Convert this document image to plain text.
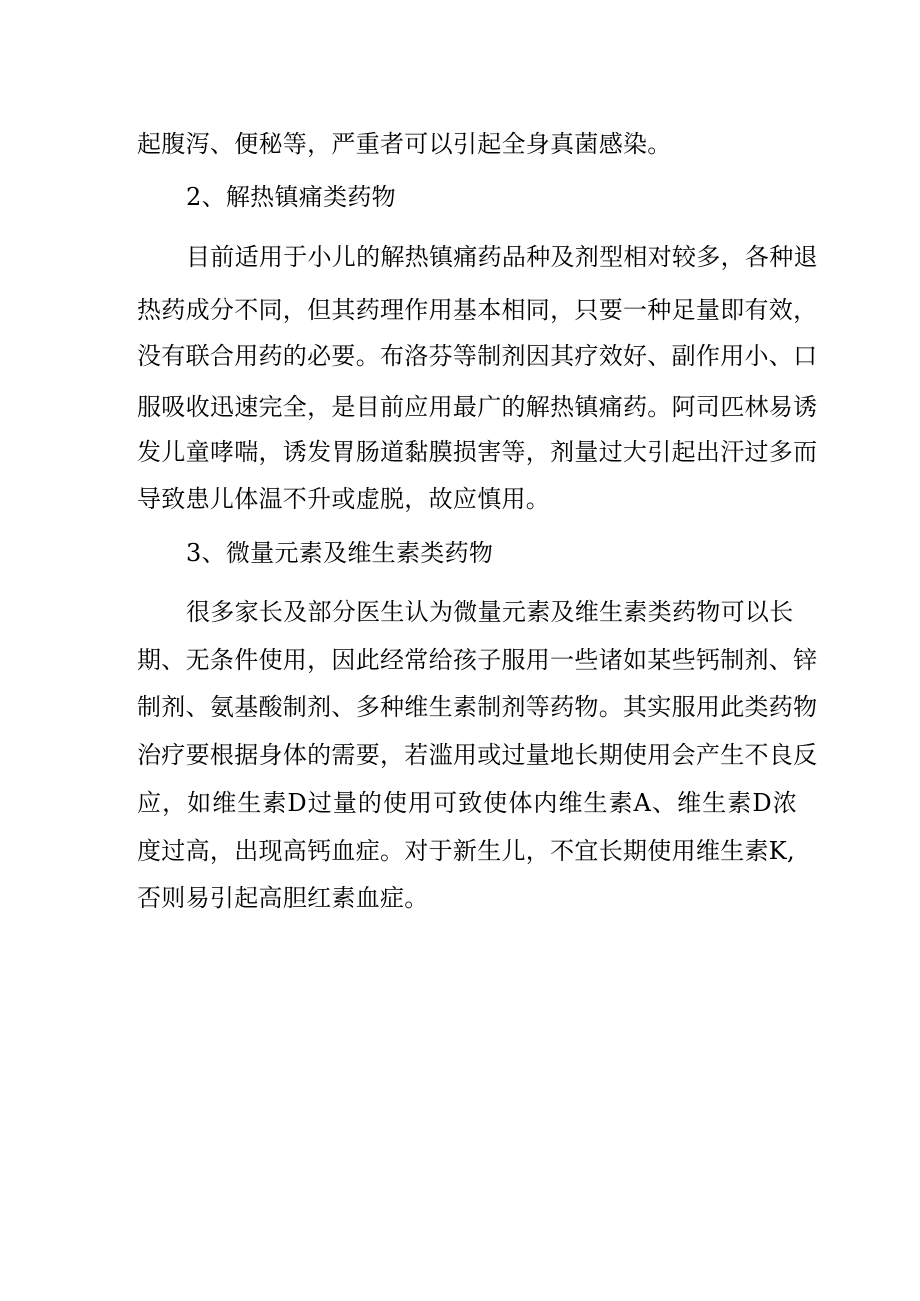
起腹泻、便秘等，严重者可以引起全身真菌感染。
2、解热镇痛类药物
目前适用于小儿的解热镇痛药品种及剂型相对较多，各种退
热药成分不同，但其药理作用基本相同，只要一种足量即有效，
没有联合用药的必要。布洛芬等制剂因其疗效好、副作用小、口
服吸收迅速完全，是目前应用最广的解热镇痛药。阿司匹林易诱
发儿童哮喘，诱发胃肠道黏膜损害等，剂量过大引起出汗过多而
导致患儿体温不升或虚脱，故应慎用。
3、微量元素及维生素类药物
很多家长及部分医生认为微量元素及维生素类药物可以长
期、无条件使用，因此经常给孩子服用一些诸如某些钙制剂、锌
制剂、氨基酸制剂、多种维生素制剂等药物。其实服用此类药物
治疗要根据身体的需要，若滥用或过量地长期使用会产生不良反
应，如维生素D过量的使用可致使体内维生素A、维生素D浓
度过高，出现高钙血症。对于新生儿，不宜长期使用维生素K,
否则易引起高胆红素血症。
